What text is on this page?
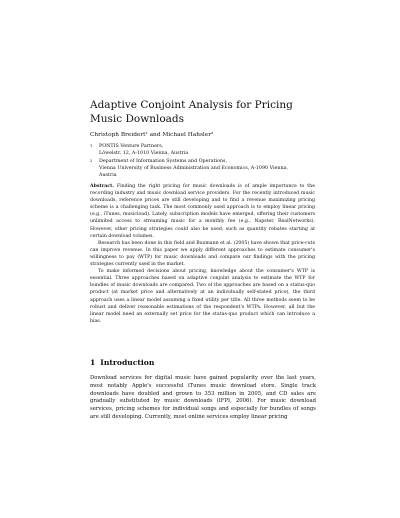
Adaptive Conjoint Analysis for Pricing Music Downloads
Christoph Breidert¹ and Michael Hahsler²
1 PONTIS Venture Partners,
Löwelstr. 12, A-1010 Vienna, Austria
2 Department of Information Systems and Operations,
Vienna University of Business Administration and Economics, A-1090 Vienna,
Austria

Abstract. Finding the right pricing for music downloads is of ample importance to the recording industry and music download service providers. For the recently introduced music downloads, reference prices are still developing and to find a revenue maximizing pricing scheme is a challenging task. The most commonly used approach is to employ linear pricing (e.g., iTunes, musicload). Lately, subscription models have emerged, offering their customers unlimited access to streaming music for a monthly fee (e.g., Napster, RealNetworks). However, other pricing strategies could also be used, such as quantity rebates starting at certain download volumes.

Research has been done in this field and Buxmann et al. (2005) have shown that price-cuts can improve revenue. In this paper we apply different approaches to estimate consumer's willingness to pay (WTP) for music downloads and compare our findings with the pricing strategies currently used in the market.

To make informed decisions about pricing, knowledge about the consumer's WTP is essential. Three approaches based on adaptive conjoint analysis to estimate the WTP for bundles of music downloads are compared. Two of the approaches are based on a status-quo product (at market price and alternatively at an individually self-stated price), the third approach uses a linear model assuming a fixed utility per title. All three methods seem to be robust and deliver reasonable estimations of the respondent's WTPs. However, all but the linear model need an externally set price for the status-quo product which can introduce a bias.

1 Introduction

Download services for digital music have gained popularity over the last years, most notably Apple's successful iTunes music download store. Single track downloads have doubled and grown to 353 million in 2005, and CD sales are gradually substituted by music downloads (IFPI, 2006). For music download services, pricing schemes for individual songs and especially for bundles of songs are still developing. Currently, most online services employ linear pricing
